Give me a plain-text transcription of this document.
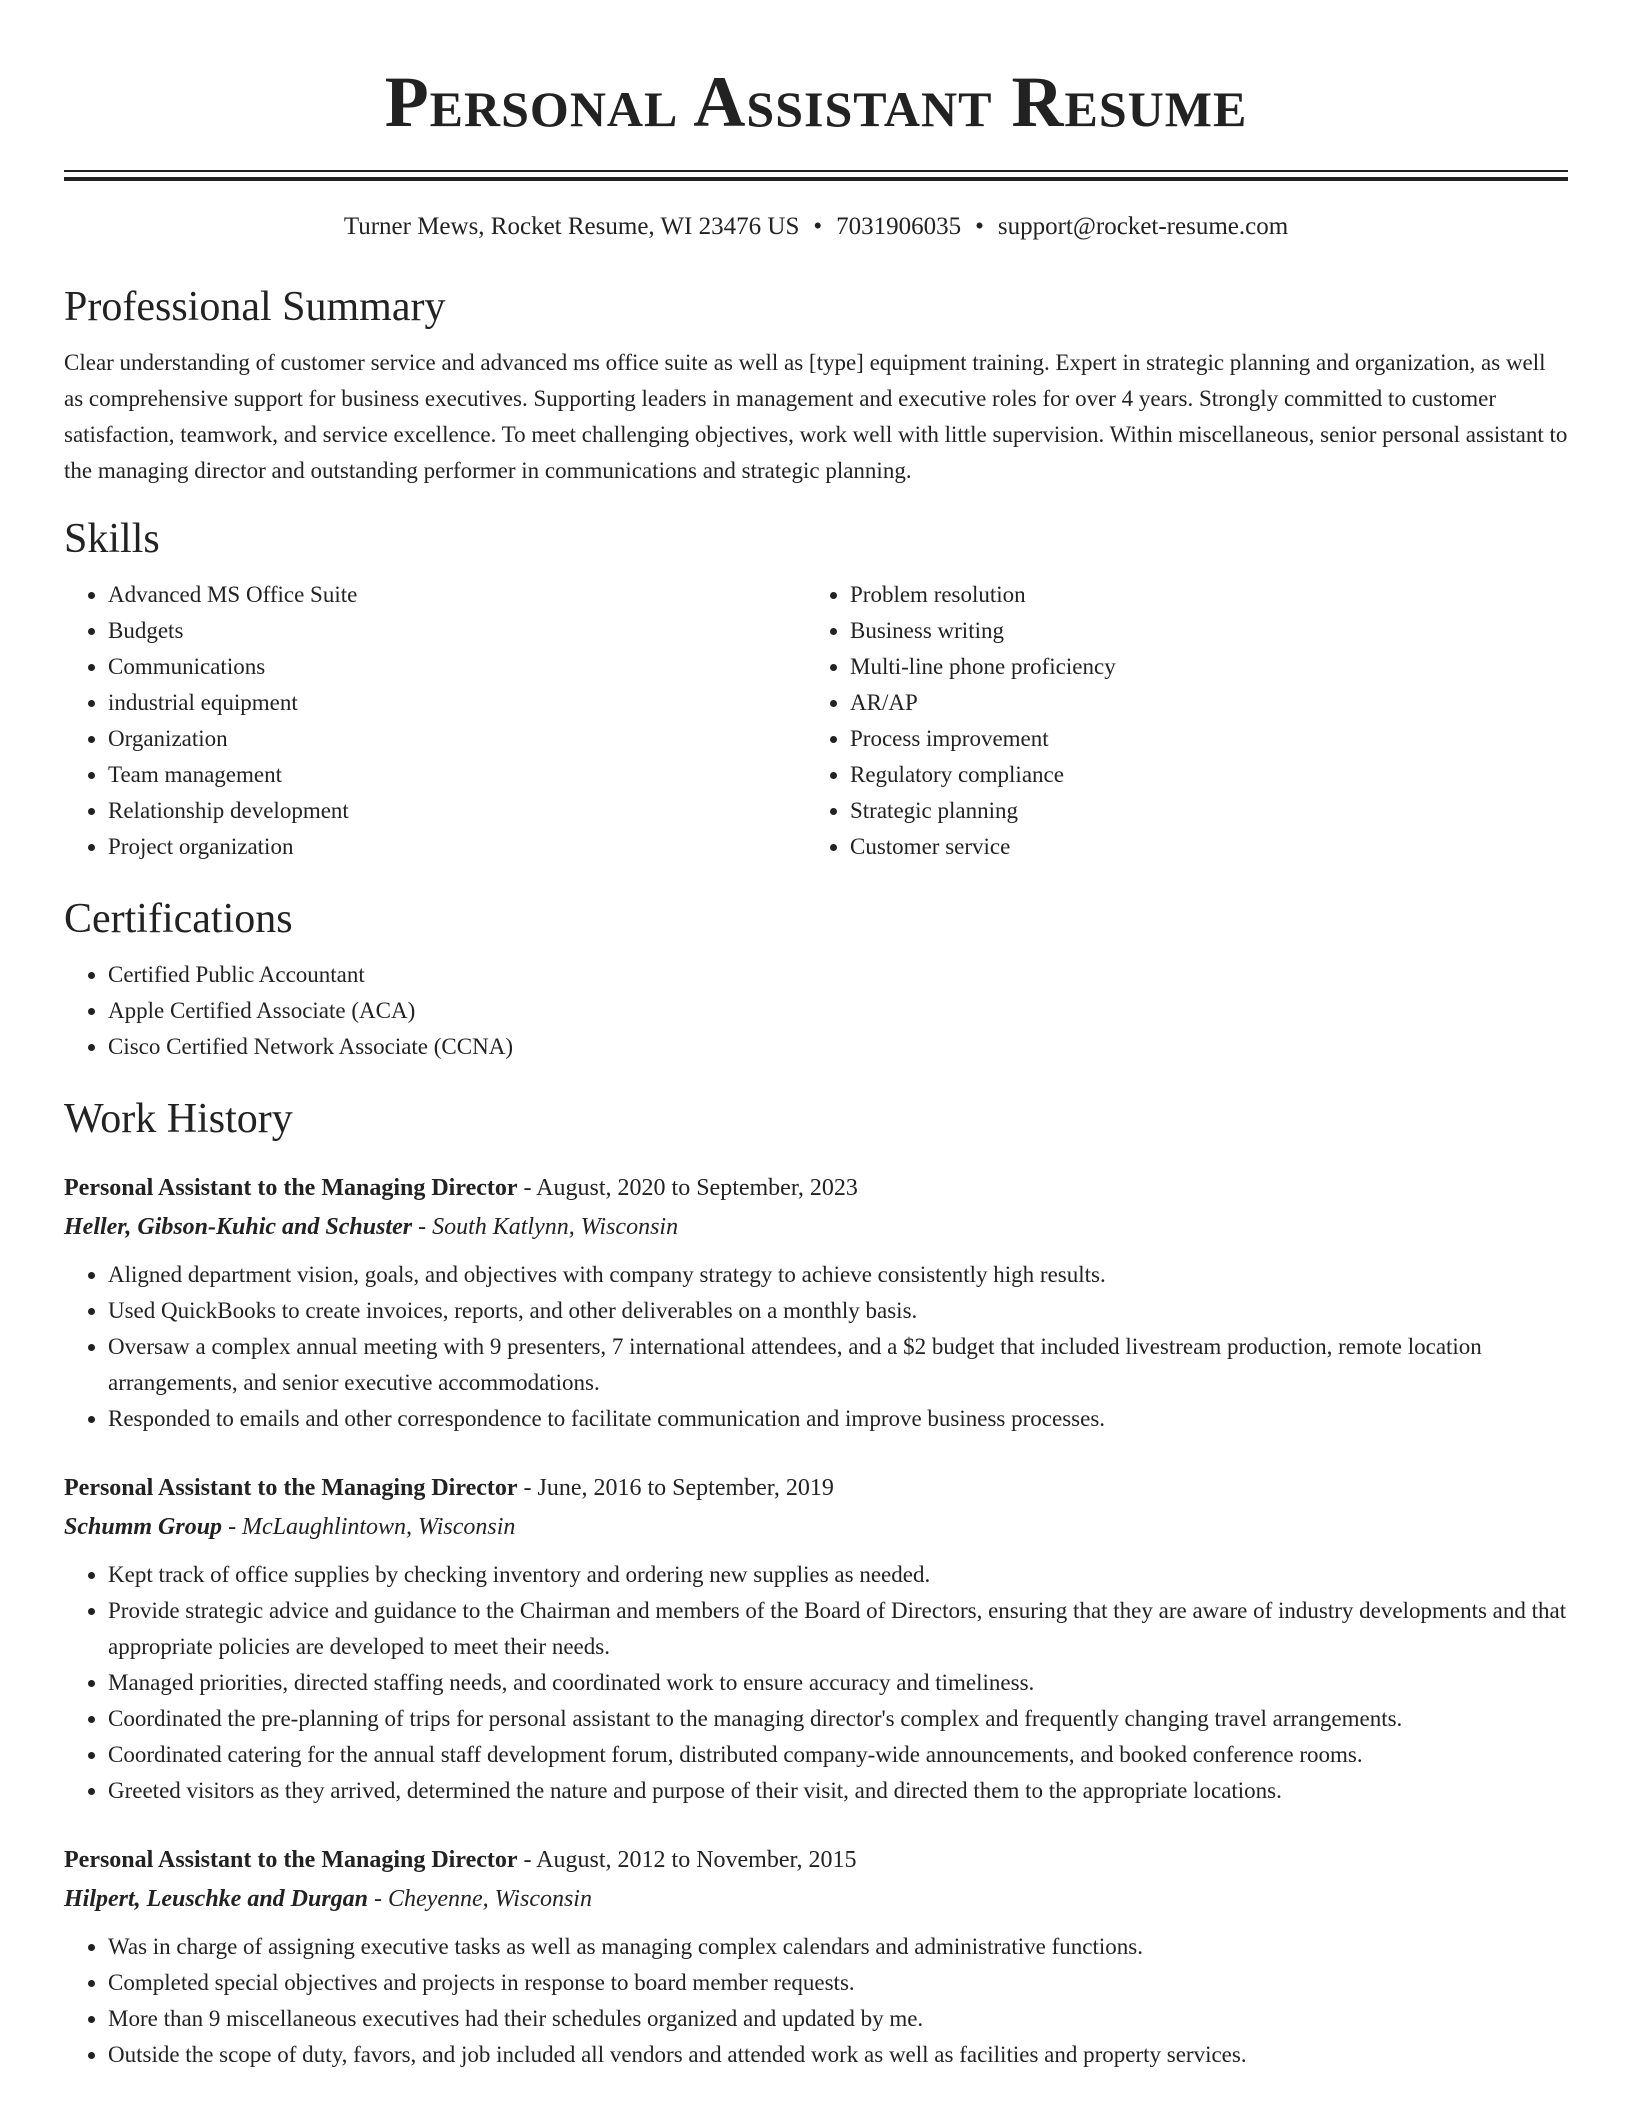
Personal Assistant Resume
Turner Mews, Rocket Resume, WI 23476 US • 7031906035 • support@rocket-resume.com
Professional Summary
Clear understanding of customer service and advanced ms office suite as well as [type] equipment training. Expert in strategic planning and organization, as well as comprehensive support for business executives. Supporting leaders in management and executive roles for over 4 years. Strongly committed to customer satisfaction, teamwork, and service excellence. To meet challenging objectives, work well with little supervision. Within miscellaneous, senior personal assistant to the managing director and outstanding performer in communications and strategic planning.
Skills
• Advanced MS Office Suite
• Budgets
• Communications
• industrial equipment
• Organization
• Team management
• Relationship development
• Project organization
• Problem resolution
• Business writing
• Multi-line phone proficiency
• AR/AP
• Process improvement
• Regulatory compliance
• Strategic planning
• Customer service
Certifications
• Certified Public Accountant
• Apple Certified Associate (ACA)
• Cisco Certified Network Associate (CCNA)
Work History
Personal Assistant to the Managing Director - August, 2020 to September, 2023
Heller, Gibson-Kuhic and Schuster - South Katlynn, Wisconsin
• Aligned department vision, goals, and objectives with company strategy to achieve consistently high results.
• Used QuickBooks to create invoices, reports, and other deliverables on a monthly basis.
• Oversaw a complex annual meeting with 9 presenters, 7 international attendees, and a $2 budget that included livestream production, remote location arrangements, and senior executive accommodations.
• Responded to emails and other correspondence to facilitate communication and improve business processes.
Personal Assistant to the Managing Director - June, 2016 to September, 2019
Schumm Group - McLaughlintown, Wisconsin
• Kept track of office supplies by checking inventory and ordering new supplies as needed.
• Provide strategic advice and guidance to the Chairman and members of the Board of Directors, ensuring that they are aware of industry developments and that appropriate policies are developed to meet their needs.
• Managed priorities, directed staffing needs, and coordinated work to ensure accuracy and timeliness.
• Coordinated the pre-planning of trips for personal assistant to the managing director's complex and frequently changing travel arrangements.
• Coordinated catering for the annual staff development forum, distributed company-wide announcements, and booked conference rooms.
• Greeted visitors as they arrived, determined the nature and purpose of their visit, and directed them to the appropriate locations.
Personal Assistant to the Managing Director - August, 2012 to November, 2015
Hilpert, Leuschke and Durgan - Cheyenne, Wisconsin
• Was in charge of assigning executive tasks as well as managing complex calendars and administrative functions.
• Completed special objectives and projects in response to board member requests.
• More than 9 miscellaneous executives had their schedules organized and updated by me.
• Outside the scope of duty, favors, and job included all vendors and attended work as well as facilities and property services.
